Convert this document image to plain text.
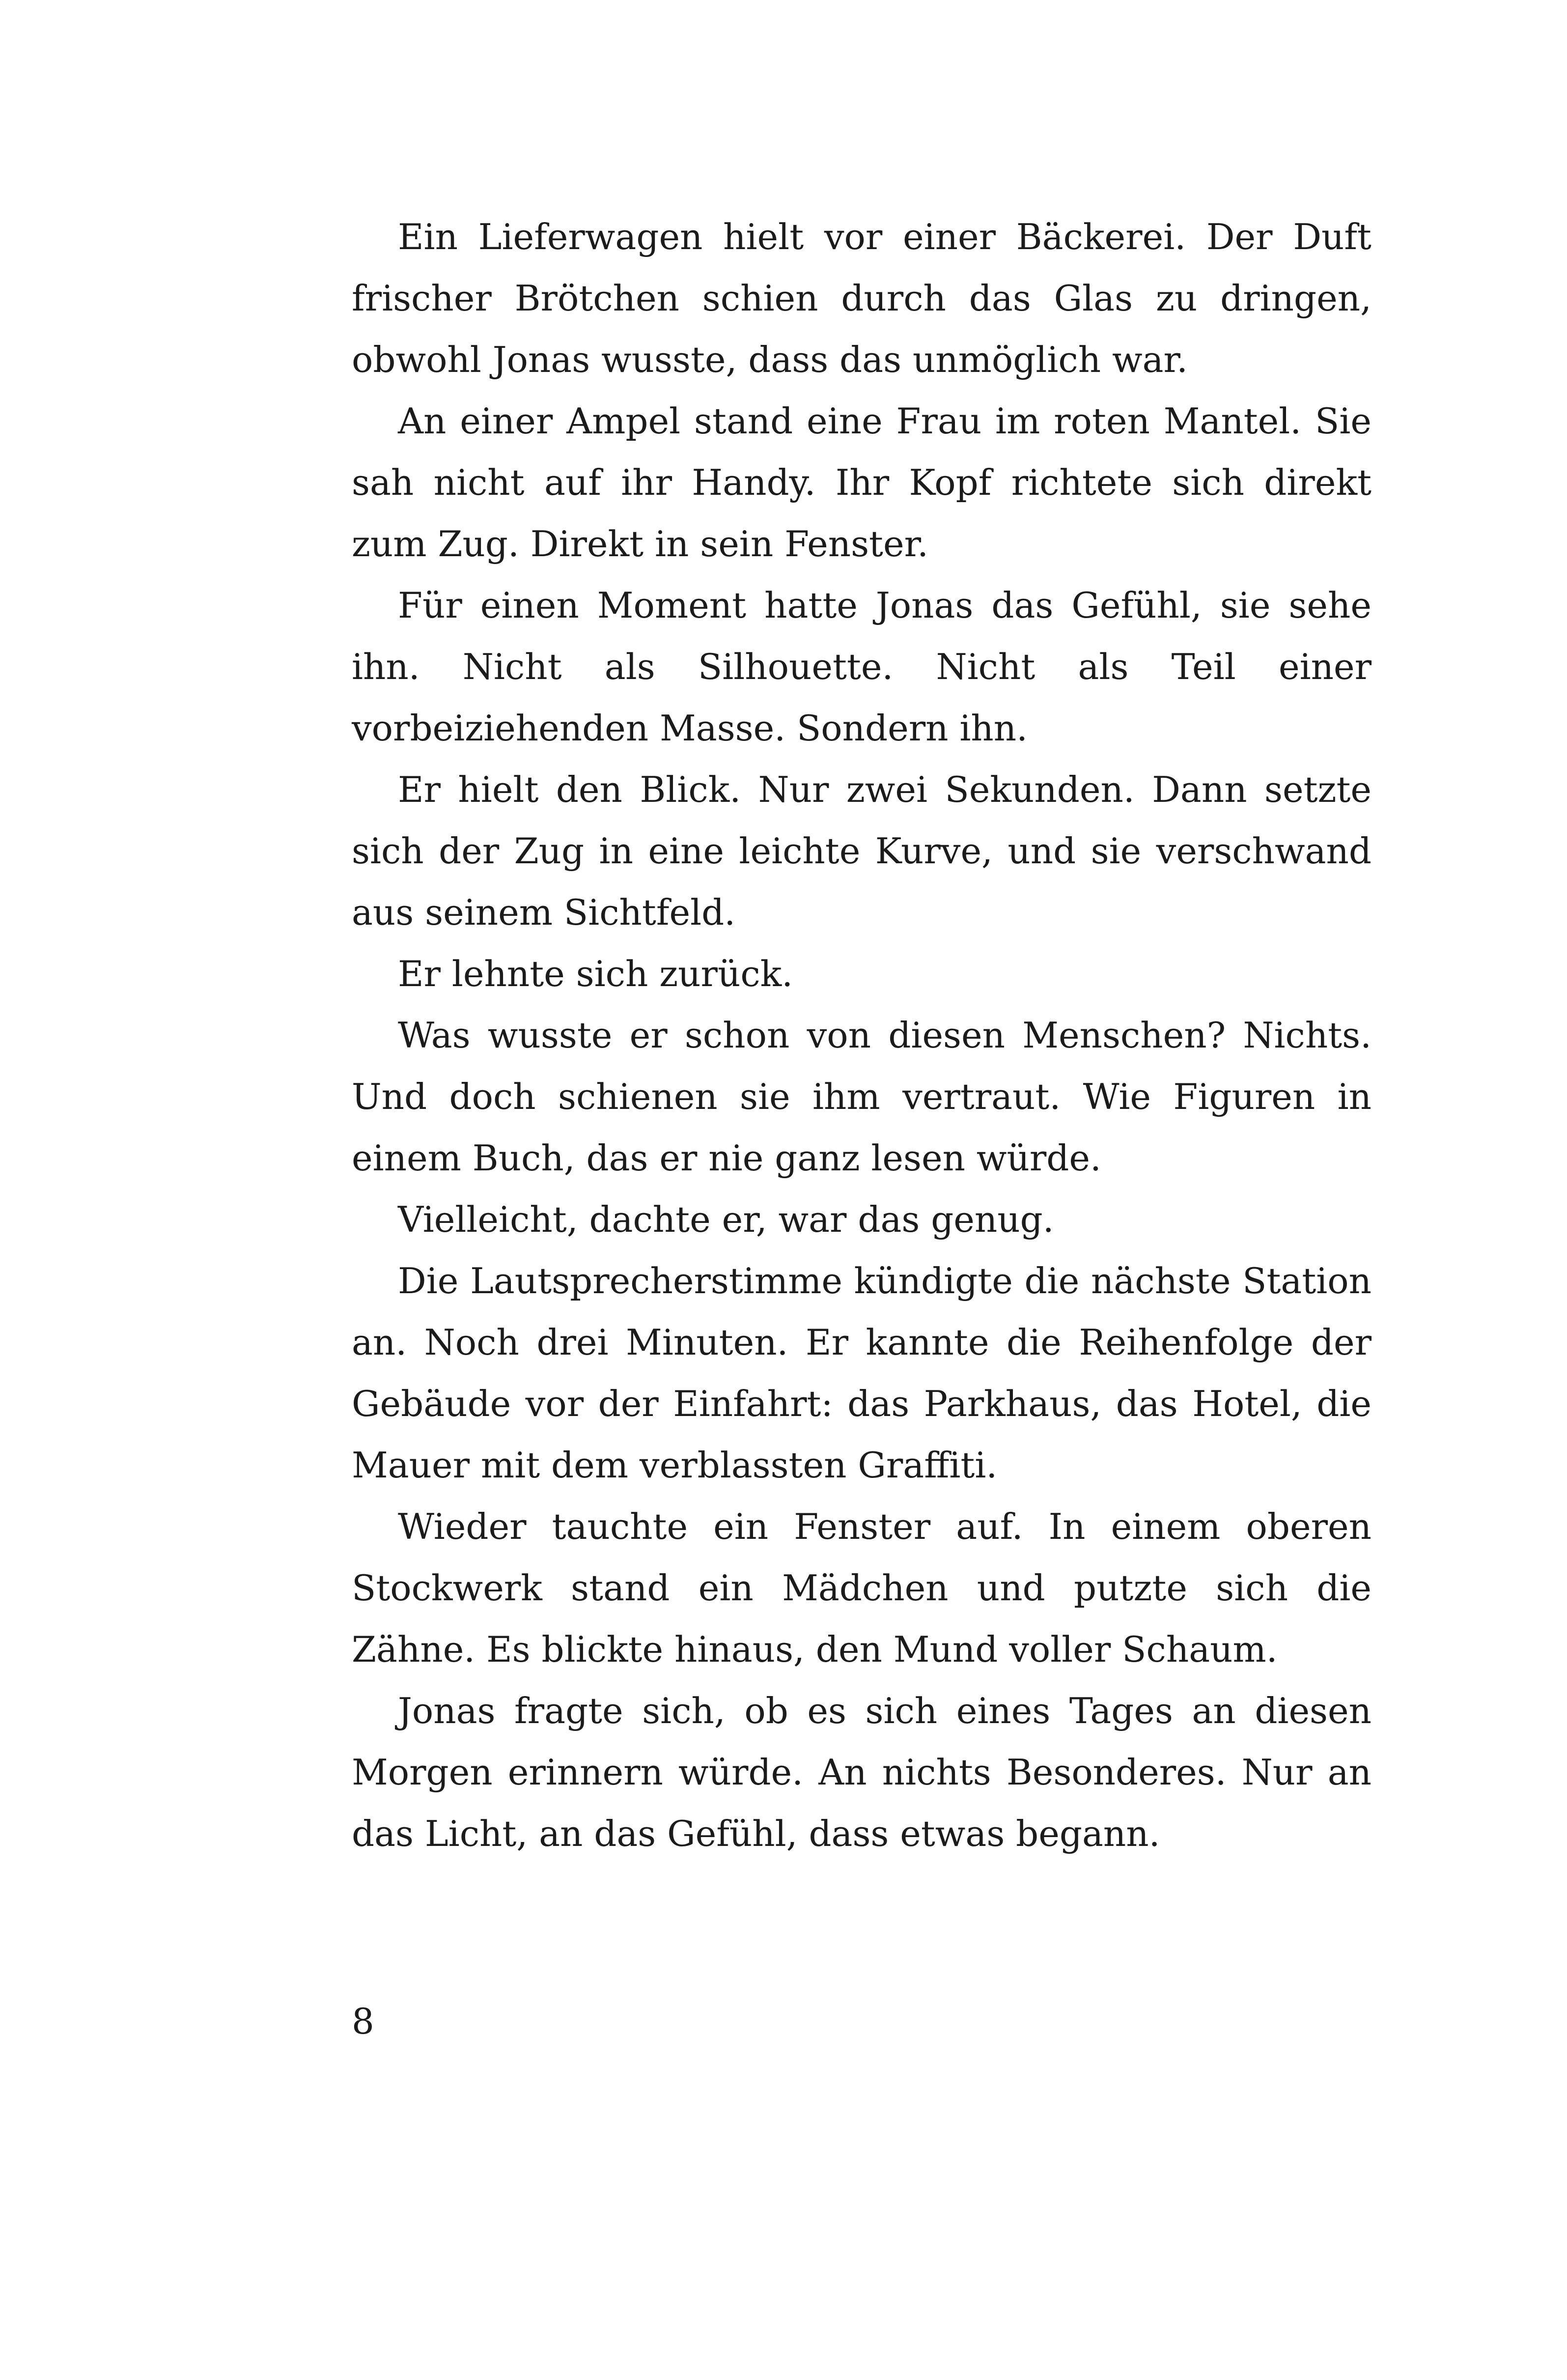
Ein Lieferwagen hielt vor einer Bäckerei. Der Duft frischer Brötchen schien durch das Glas zu dringen, obwohl Jonas wusste, dass das unmöglich war.

An einer Ampel stand eine Frau im roten Mantel. Sie sah nicht auf ihr Handy. Ihr Kopf richtete sich direkt zum Zug. Direkt in sein Fenster.

Für einen Moment hatte Jonas das Gefühl, sie sehe ihn. Nicht als Silhouette. Nicht als Teil einer vorbeiziehenden Masse. Sondern ihn.

Er hielt den Blick. Nur zwei Sekunden. Dann setzte sich der Zug in eine leichte Kurve, und sie verschwand aus seinem Sichtfeld.

Er lehnte sich zurück.

Was wusste er schon von diesen Menschen? Nichts. Und doch schienen sie ihm vertraut. Wie Figuren in einem Buch, das er nie ganz lesen würde.

Vielleicht, dachte er, war das genug.

Die Lautsprecherstimme kündigte die nächste Station an. Noch drei Minuten. Er kannte die Reihenfolge der Gebäude vor der Einfahrt: das Parkhaus, das Hotel, die Mauer mit dem verblassten Graffiti.

Wieder tauchte ein Fenster auf. In einem oberen Stockwerk stand ein Mädchen und putzte sich die Zähne. Es blickte hinaus, den Mund voller Schaum.

Jonas fragte sich, ob es sich eines Tages an diesen Morgen erinnern würde. An nichts Besonderes. Nur an das Licht, an das Gefühl, dass etwas begann.

8
